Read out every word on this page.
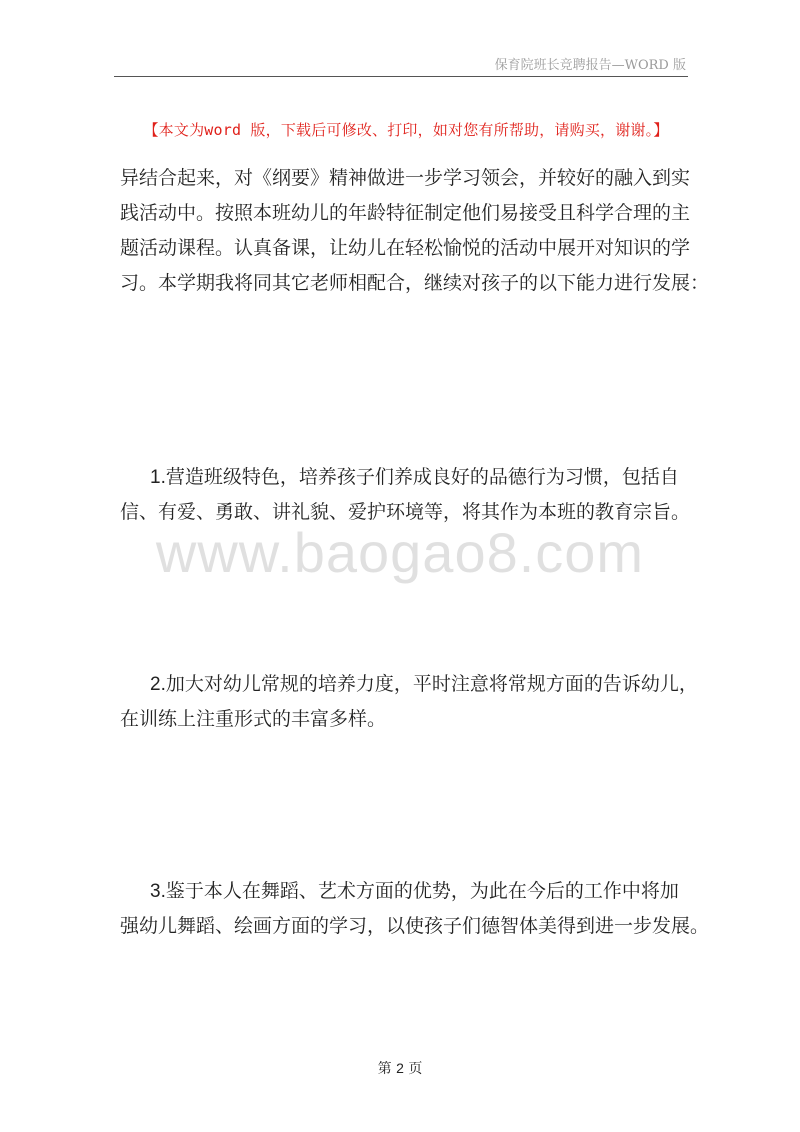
保育院班长竞聘报告—WORD 版
【本文为word 版，下载后可修改、打印，如对您有所帮助，请购买，谢谢。】
异结合起来，对《纲要》精神做进一步学习领会，并较好的融入到实
践活动中。按照本班幼儿的年龄特征制定他们易接受且科学合理的主
题活动课程。认真备课，让幼儿在轻松愉悦的活动中展开对知识的学
习。本学期我将同其它老师相配合，继续对孩子的以下能力进行发展：
1.营造班级特色，培养孩子们养成良好的品德行为习惯，包括自
信、有爱、勇敢、讲礼貌、爱护环境等，将其作为本班的教育宗旨。
www.baogao8.com
2.加大对幼儿常规的培养力度，平时注意将常规方面的告诉幼儿，
在训练上注重形式的丰富多样。
3.鉴于本人在舞蹈、艺术方面的优势，为此在今后的工作中将加
强幼儿舞蹈、绘画方面的学习，以使孩子们德智体美得到进一步发展。
第 2 页
